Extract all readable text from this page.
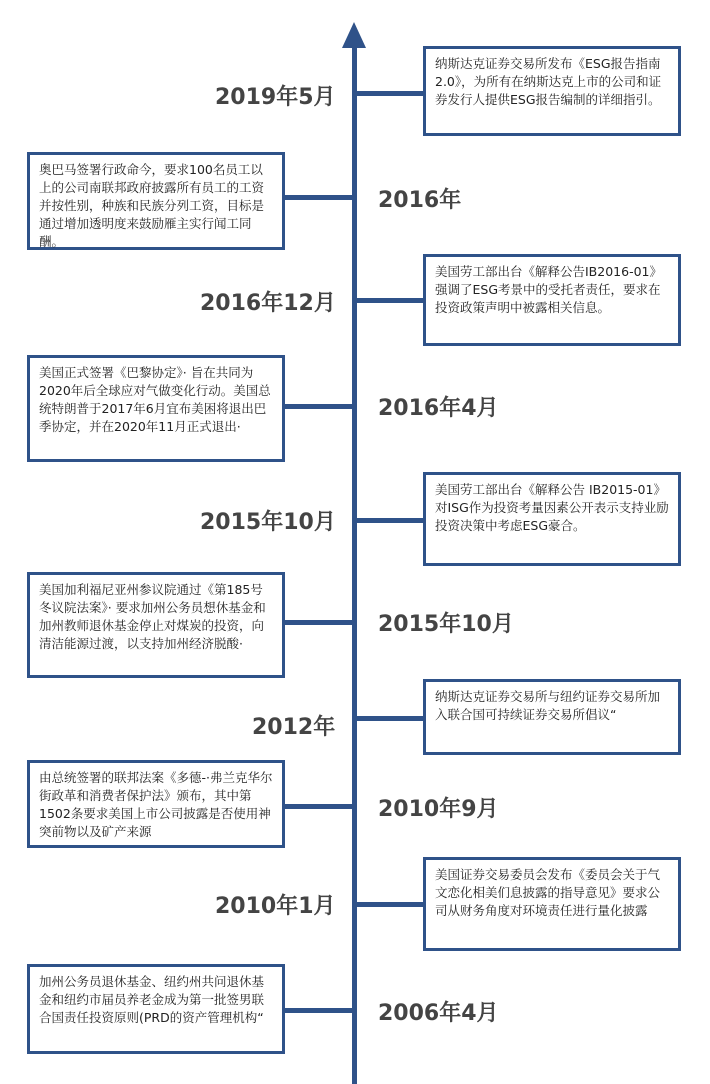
纳斯达克证券交易所发布《ESG报告指南2.0》，为所有在纳斯达克上市的公司和证券发行人提供ESG报告编制的详细指引。
2019年5月
奥巴马签署行政命今，要求100名员工以上的公司南联邦政府披露所有员工的工资并按性别，种族和民族分列工资，目标是通过增加透明度来鼓励雁主实行闻工同酬。
2016年
美国劳工部出台《解释公告IB2016-01》强调了ESG考景中的受托者责任，要求在投资政策声明中被露相关信息。
2016年12月
美国正式签署《巴黎协定》· 旨在共同为2020年后全球应对气做变化行动。美国总统特朗普于2017年6月宜布美困将退出巴季协定，并在2020年11月正式退出·
2016年4月
美国劳工部出台《解释公告 IB2015-01》对ISG作为投资考量因素公开表示支持业励投资决策中考虑ESG豪合。
2015年10月
美国加利福尼亚州参议院通过《第185号冬议院法案》· 要求加州公务员想休基金和加州教师退休基金停止对煤炭的投资，向清洁能源过渡，以支持加州经济脱酸·
2015年10月
纳斯达克证券交易所与纽约证券交易所加入联合国可持续证券交易所倡议“
2012年
由总统签署的联邦法案《多德-·弗兰克华尔街政革和消费者保护法》颁布，其中第1502条要求美国上市公司披露是否使用神突前物以及矿产来源
2010年9月
美国证券交易委员会发布《委员会关于气文恋化相美们息披露的指导意见》要求公司从财务角度对环境责任进行量化披露
2010年1月
加州公务员退休基金、纽约州共问退休基金和纽约市届员养老金成为第一批签男联合国责任投资原则(PRD的资产管理机构“	2006年4月
